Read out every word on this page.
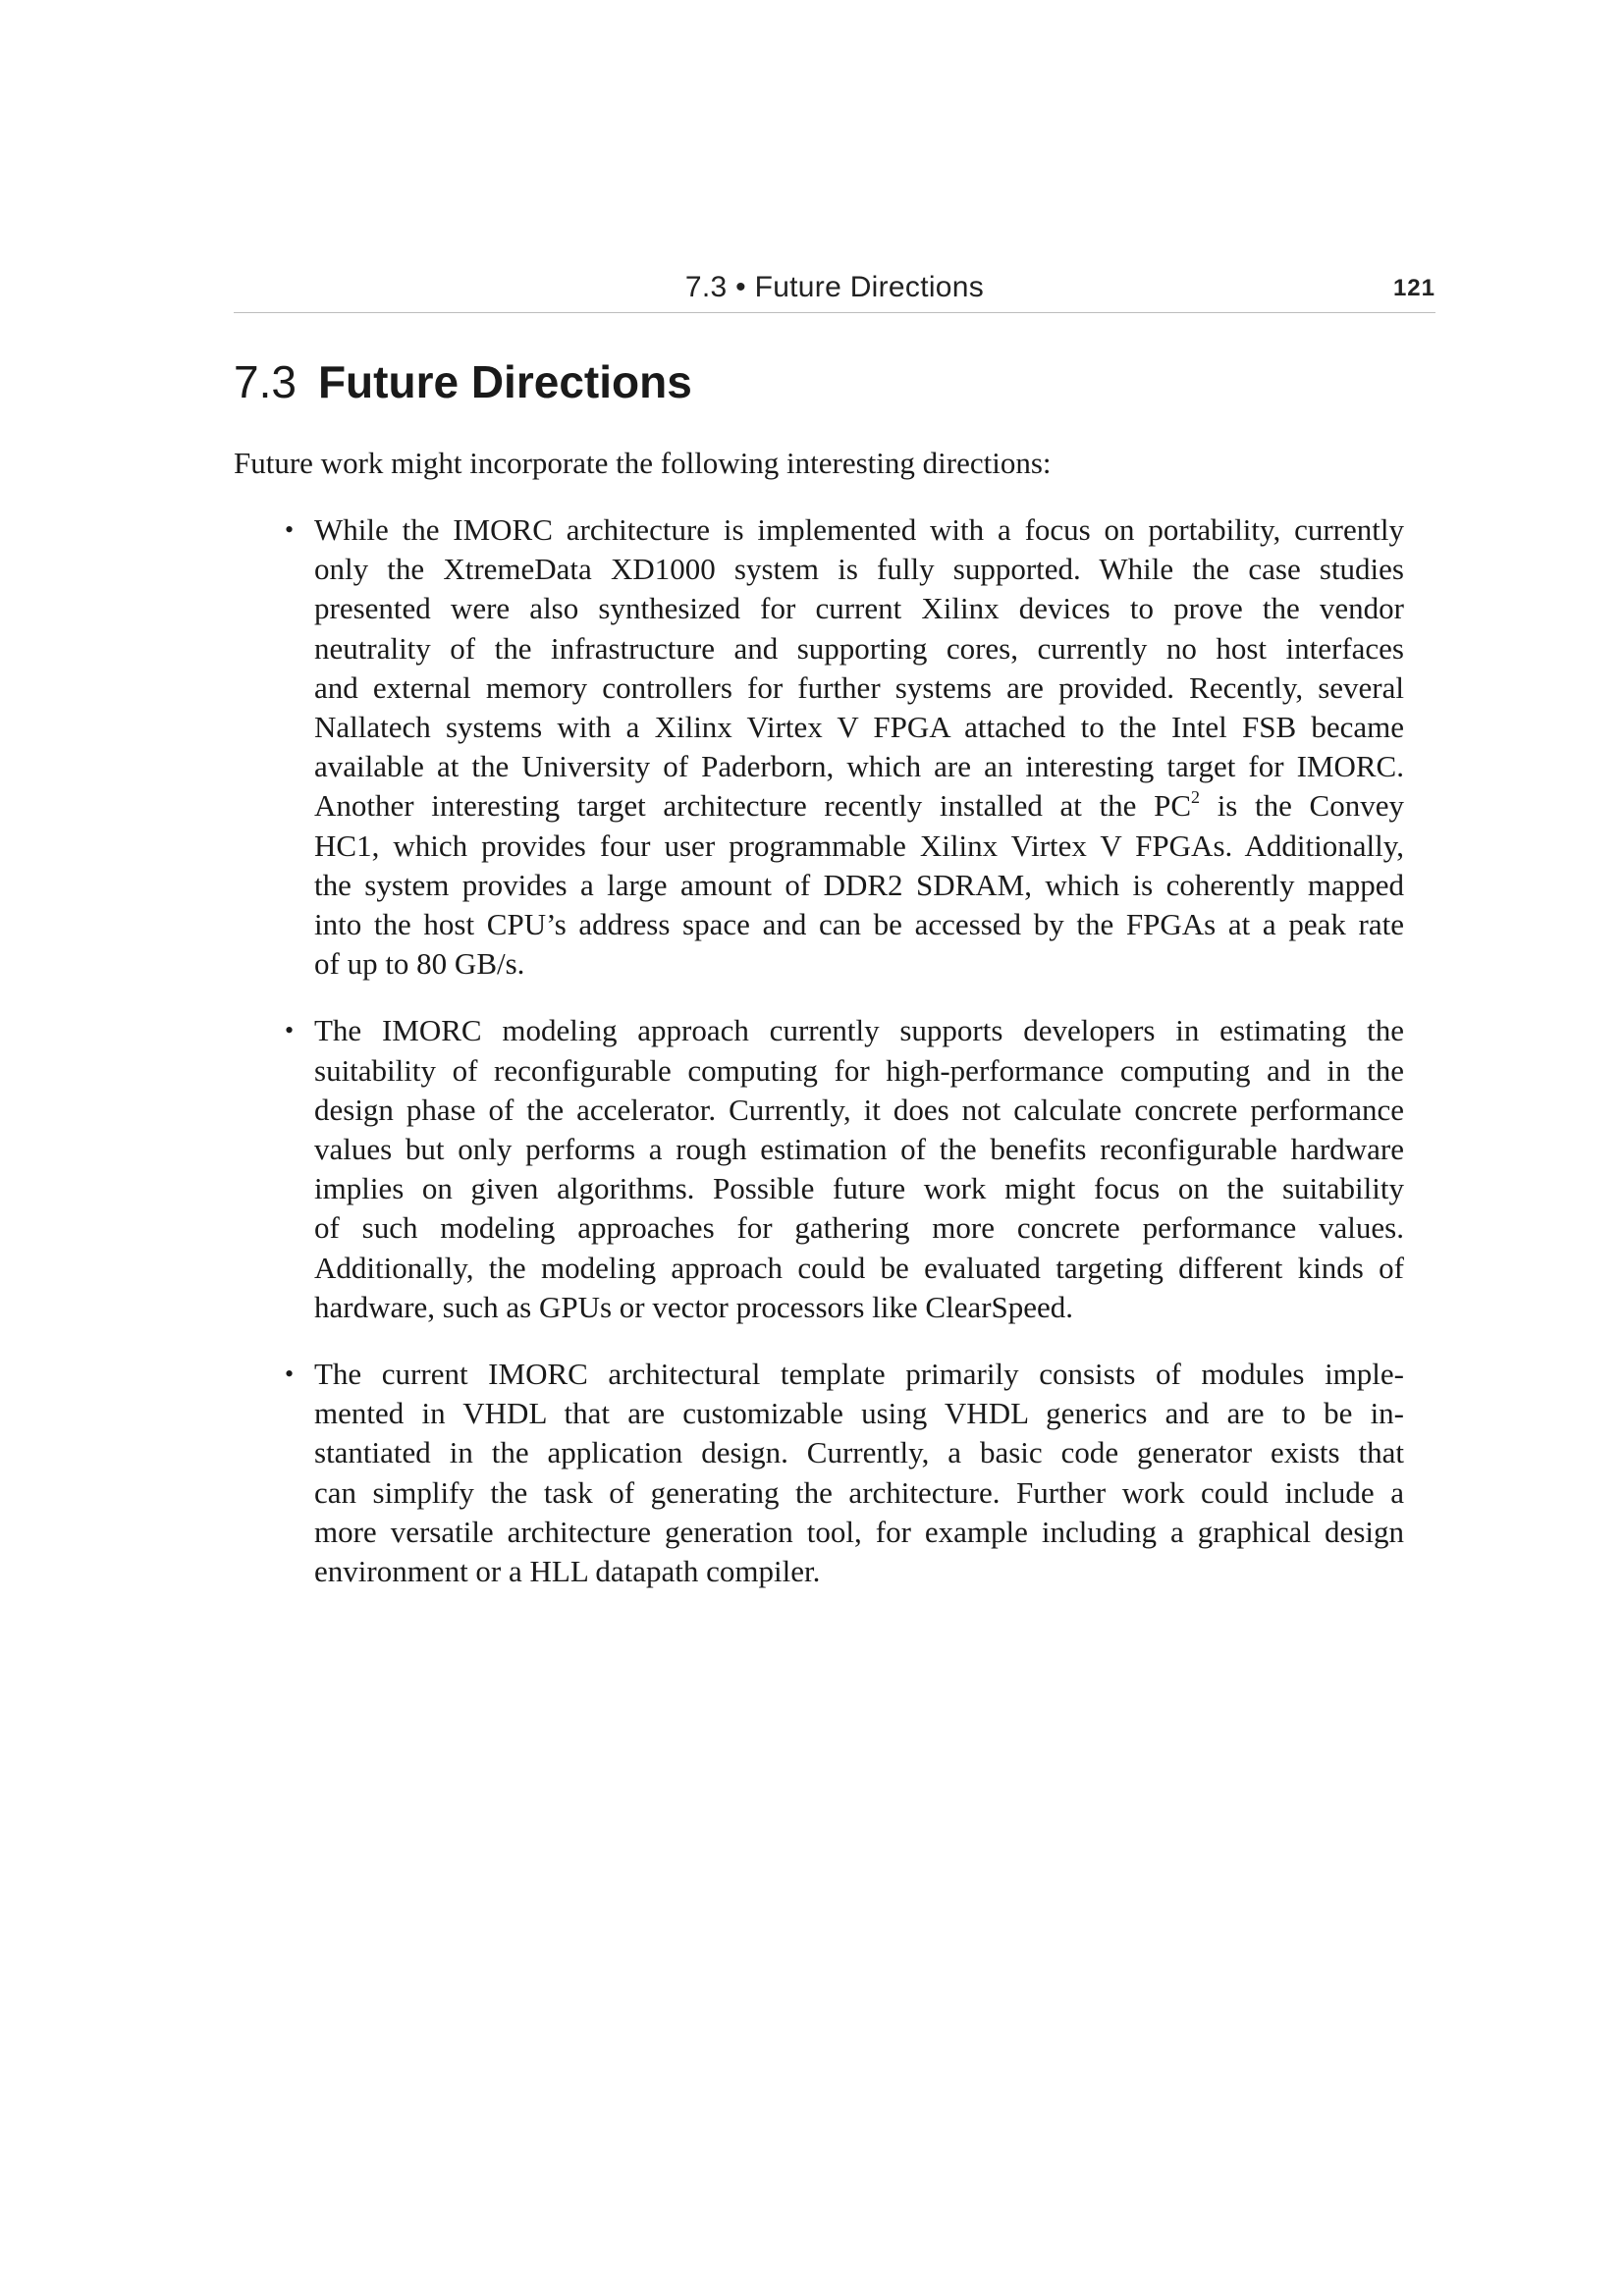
7.3 • Future Directions	121
7.3 Future Directions

Future work might incorporate the following interesting directions:

• While the IMORC architecture is implemented with a focus on portability, currently
only the XtremeData XD1000 system is fully supported. While the case studies
presented were also synthesized for current Xilinx devices to prove the vendor
neutrality of the infrastructure and supporting cores, currently no host interfaces
and external memory controllers for further systems are provided. Recently, several
Nallatech systems with a Xilinx Virtex V FPGA attached to the Intel FSB became
available at the University of Paderborn, which are an interesting target for IMORC.
Another interesting target architecture recently installed at the $PC^2$ is the Convey
HC1, which provides four user programmable Xilinx Virtex V FPGAs. Additionally,
the system provides a large amount of DDR2 SDRAM, which is coherently mapped
into the host CPU’s address space and can be accessed by the FPGAs at a peak rate
of up to 80 GB/s.
• The IMORC modeling approach currently supports developers in estimating the
suitability of reconfigurable computing for high-performance computing and in the
design phase of the accelerator. Currently, it does not calculate concrete performance
values but only performs a rough estimation of the benefits reconfigurable hardware
implies on given algorithms. Possible future work might focus on the suitability
of such modeling approaches for gathering more concrete performance values.
Additionally, the modeling approach could be evaluated targeting different kinds of
hardware, such as GPUs or vector processors like ClearSpeed.
• The current IMORC architectural template primarily consists of modules imple-
mented in VHDL that are customizable using VHDL generics and are to be in-
stantiated in the application design. Currently, a basic code generator exists that
can simplify the task of generating the architecture. Further work could include a
more versatile architecture generation tool, for example including a graphical design
environment or a HLL datapath compiler.
